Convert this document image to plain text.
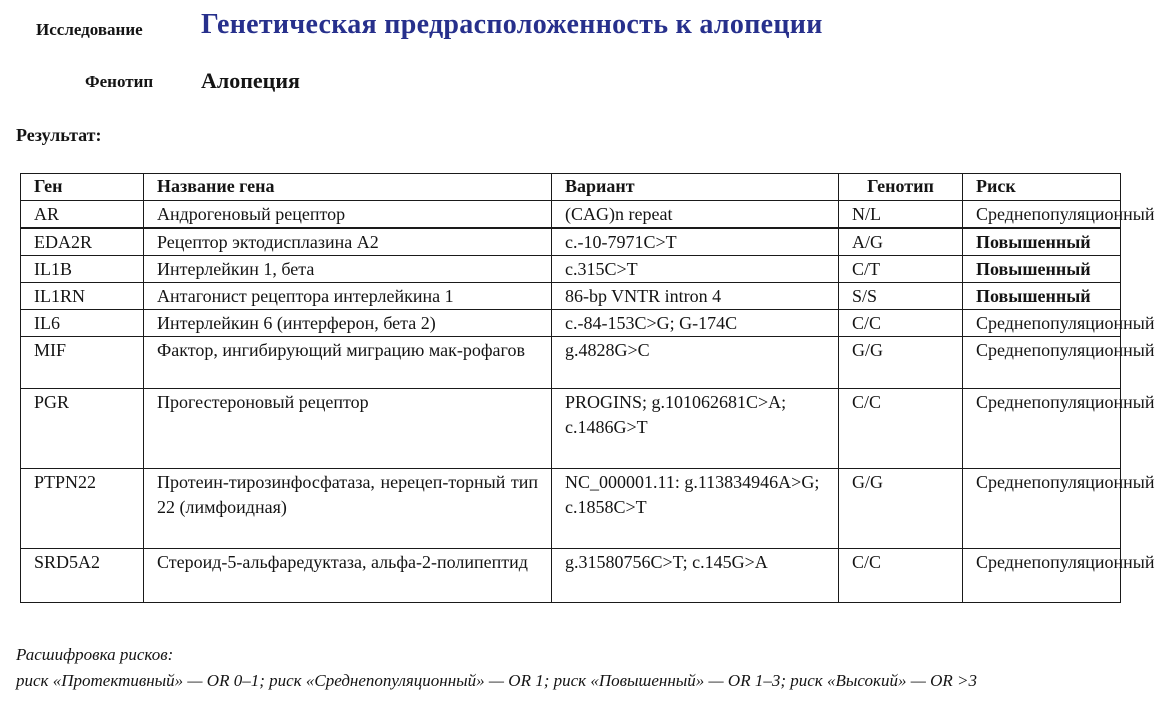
Исследование Генетическая предрасположенность к алопеции
Фенотип Алопеция
Результат:
Ген	Название гена	Вариант	Генотип	Риск
AR	Андрогеновый рецептор	(CAG)n repeat	N/L	Среднепопуляционный
EDA2R	Рецептор эктодисплазина А2	c.-10-7971C>T	A/G	Повышенный
IL1B	Интерлейкин 1, бета	c.315C>T	C/T	Повышенный
IL1RN	Антагонист рецептора интерлейкина 1	86-bp VNTR intron 4	S/S	Повышенный
IL6	Интерлейкин 6 (интерферон, бета 2)	c.-84-153C>G; G-174C	C/C	Среднепопуляционный
MIF	Фактор, ингибирующий миграцию мак-рофагов	g.4828G>C	G/G	Среднепопуляционный
PGR	Прогестероновый рецептор	PROGINS; g.101062681C>A; c.1486G>T	C/C	Среднепопуляционный
PTPN22	Протеин-тирозинфосфатаза, нерецеп-торный тип 22 (лимфоидная)	NC_000001.11: g.113834946A>G; c.1858C>T	G/G	Среднепопуляционный
SRD5A2	Стероид-5-альфаредуктаза, альфа-2-полипептид	g.31580756C>T; c.145G>A	C/C	Среднепопуляционный
Расшифровка рисков:
риск «Протективный» — OR 0–1; риск «Среднепопуляционный» — OR 1; риск «Повышенный» — OR 1–3; риск «Высокий» — OR >3
